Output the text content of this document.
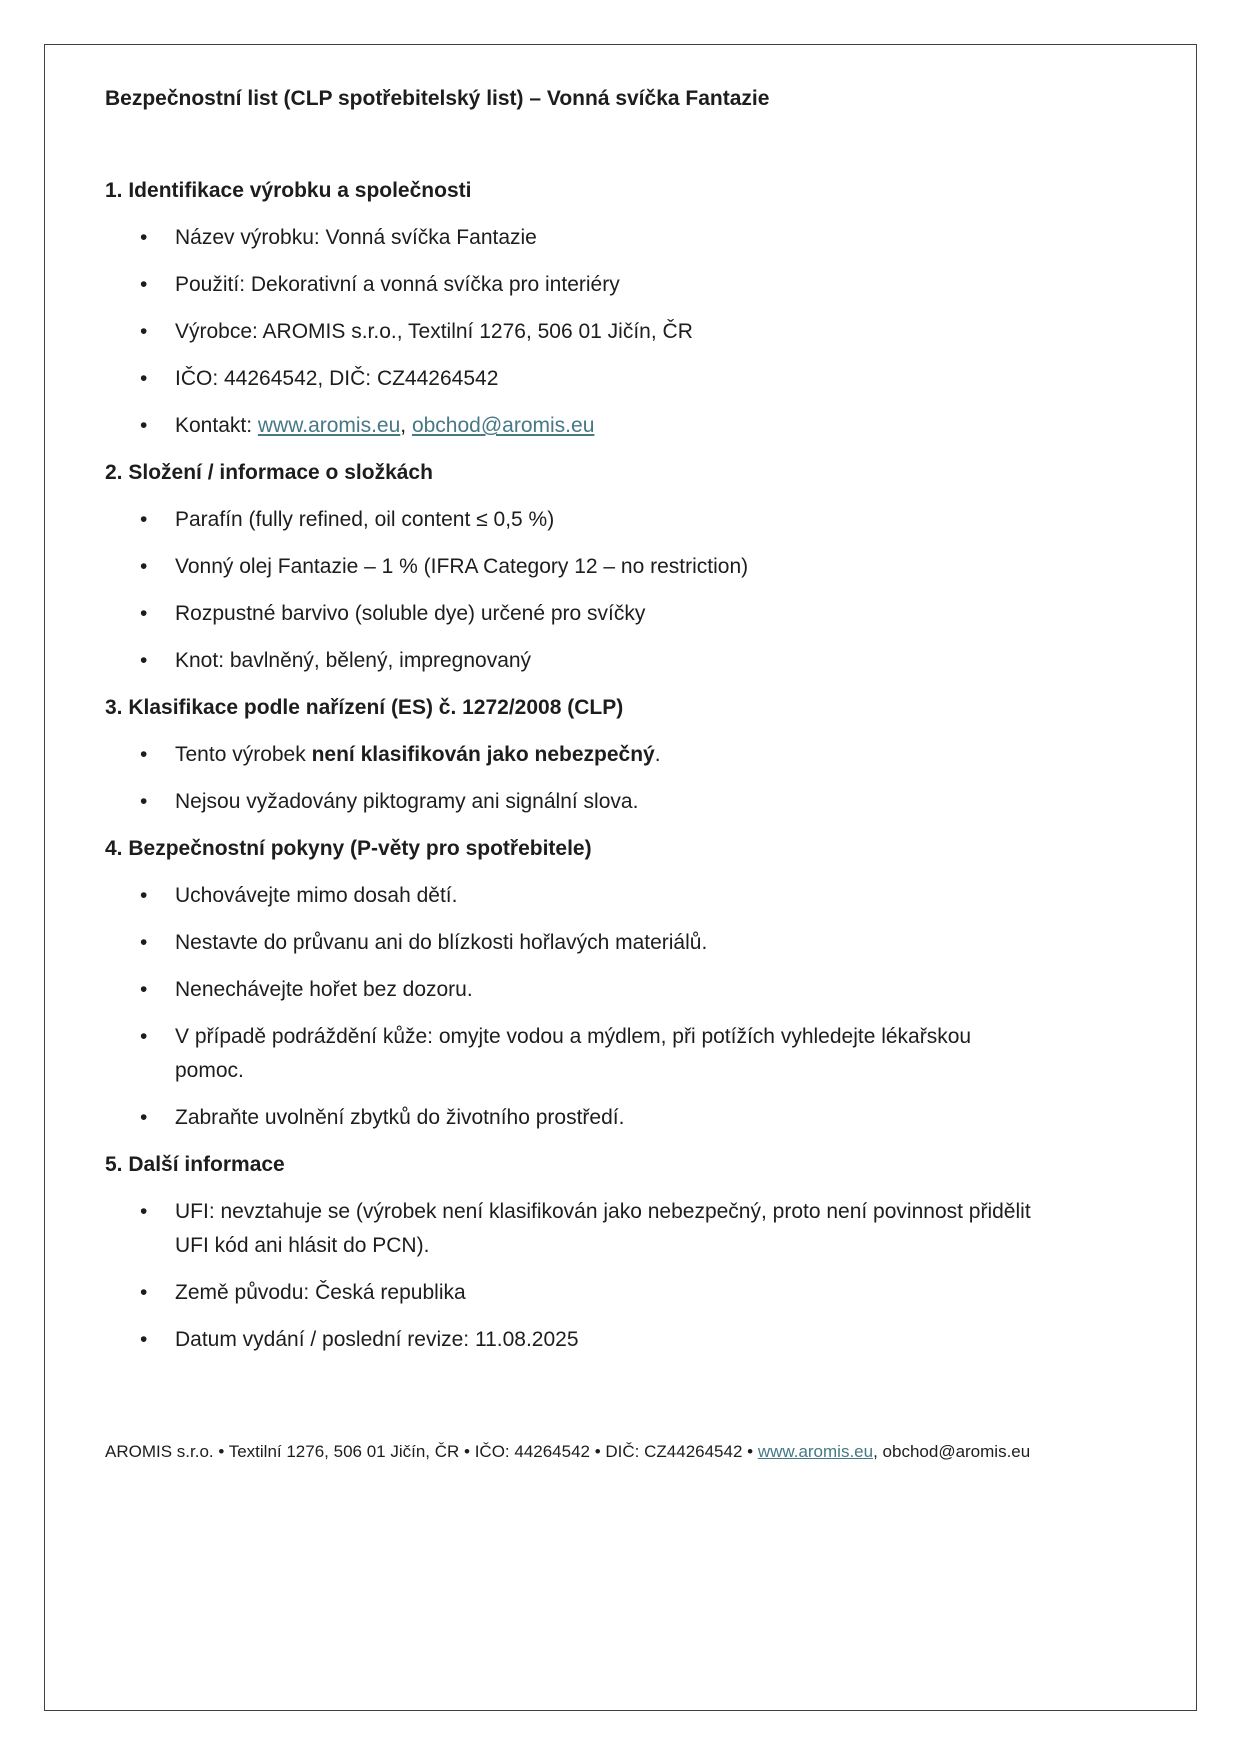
Bezpečnostní list (CLP spotřebitelský list) – Vonná svíčka Fantazie
1. Identifikace výrobku a společnosti
•	Název výrobku: Vonná svíčka Fantazie
•	Použití: Dekorativní a vonná svíčka pro interiéry
•	Výrobce: AROMIS s.r.o., Textilní 1276, 506 01 Jičín, ČR
•	IČO: 44264542, DIČ: CZ44264542
•	Kontakt: www.aromis.eu, obchod@aromis.eu
2. Složení / informace o složkách
•	Parafín (fully refined, oil content ≤ 0,5 %)
•	Vonný olej Fantazie – 1 % (IFRA Category 12 – no restriction)
•	Rozpustné barvivo (soluble dye) určené pro svíčky
•	Knot: bavlněný, bělený, impregnovaný
3. Klasifikace podle nařízení (ES) č. 1272/2008 (CLP)
•	Tento výrobek není klasifikován jako nebezpečný.
•	Nejsou vyžadovány piktogramy ani signální slova.
4. Bezpečnostní pokyny (P-věty pro spotřebitele)
•	Uchovávejte mimo dosah dětí.
•	Nestavte do průvanu ani do blízkosti hořlavých materiálů.
•	Nenechávejte hořet bez dozoru.
•	V případě podráždění kůže: omyjte vodou a mýdlem, při potížích vyhledejte lékařskou pomoc.
•	Zabraňte uvolnění zbytků do životního prostředí.
5. Další informace
•	UFI: nevztahuje se (výrobek není klasifikován jako nebezpečný, proto není povinnost přidělit UFI kód ani hlásit do PCN).
•	Země původu: Česká republika
•	Datum vydání / poslední revize: 11.08.2025
AROMIS s.r.o. • Textilní 1276, 506 01 Jičín, ČR • IČO: 44264542 • DIČ: CZ44264542 • www.aromis.eu, obchod@aromis.eu
